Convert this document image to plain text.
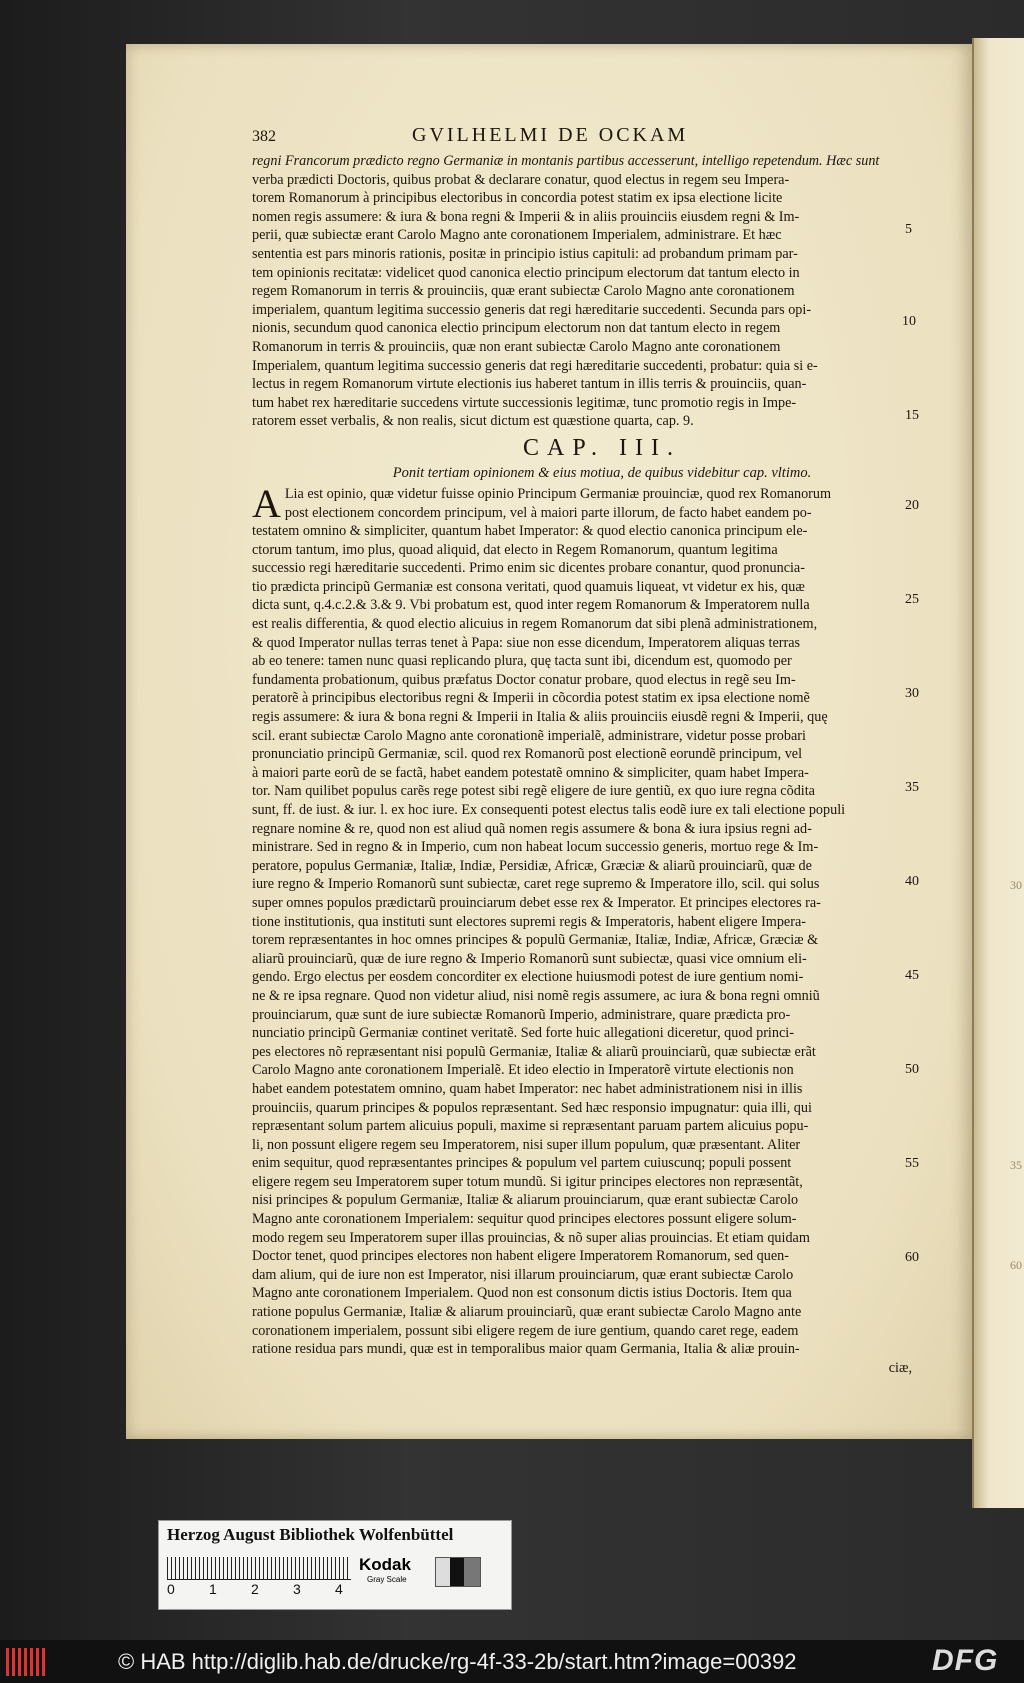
30
35
60
382	GVILHELMI DE OCKAM
regni Francorum prædicto regno Germaniæ in montanis partibus accesserunt, intelligo repetendum. Hæc sunt
verba prædicti Doctoris, quibus probat & declarare conatur, quod electus in regem seu Impera-
torem Romanorum à principibus electoribus in concordia potest statim ex ipsa electione licite
nomen regis assumere: & iura & bona regni & Imperii & in aliis prouinciis eiusdem regni & Im-
perii, quæ subiectæ erant Carolo Magno ante coronationem Imperialem, administrare. Et hæc
sententia est pars minoris rationis, positæ in principio istius capituli: ad probandum primam par-
tem opinionis recitatæ: videlicet quod canonica electio principum electorum dat tantum electo in
regem Romanorum in terris & prouinciis, quæ erant subiectæ Carolo Magno ante coronationem
imperialem, quantum legitima successio generis dat regi hæreditarie succedenti. Secunda pars opi-
nionis, secundum quod canonica electio principum electorum non dat tantum electo in regem
Romanorum in terris & prouinciis, quæ non erant subiectæ Carolo Magno ante coronationem
Imperialem, quantum legitima successio generis dat regi hæreditarie succedenti, probatur: quia si e-
lectus in regem Romanorum virtute electionis ius haberet tantum in illis terris & prouinciis, quan-
tum habet rex hæreditarie succedens virtute successionis legitimæ, tunc promotio regis in Impe-
ratorem esset verbalis, & non realis, sicut dictum est quæstione quarta, cap. 9.
CAP. III.
Ponit tertiam opinionem & eius motiua, de quibus videbitur cap. vltimo.
A Lia est opinio, quæ videtur fuisse opinio Principum Germaniæ prouinciæ, quod rex Romanorum
post electionem concordem principum, vel à maiori parte illorum, de facto habet eandem po-
testatem omnino & simpliciter, quantum habet Imperator: & quod electio canonica principum ele-
ctorum tantum, imo plus, quoad aliquid, dat electo in Regem Romanorum, quantum legitima
successio regi hæreditarie succedenti. Primo enim sic dicentes probare conantur, quod pronuncia-
tio prædicta principũ Germaniæ est consona veritati, quod quamuis liqueat, vt videtur ex his, quæ
dicta sunt, q.4.c.2.& 3.& 9. Vbi probatum est, quod inter regem Romanorum & Imperatorem nulla
est realis differentia, & quod electio alicuius in regem Romanorum dat sibi plenã administrationem,
& quod Imperator nullas terras tenet à Papa: siue non esse dicendum, Imperatorem aliquas terras
ab eo tenere: tamen nunc quasi replicando plura, quę tacta sunt ibi, dicendum est, quomodo per
fundamenta probationum, quibus præfatus Doctor conatur probare, quod electus in regẽ seu Im-
peratorẽ à principibus electoribus regni & Imperii in cõcordia potest statim ex ipsa electione nomẽ
regis assumere: & iura & bona regni & Imperii in Italia & aliis prouinciis eiusdẽ regni & Imperii, quę
scil. erant subiectæ Carolo Magno ante coronationẽ imperialẽ, administrare, videtur posse probari
pronunciatio principũ Germaniæ, scil. quod rex Romanorũ post electionẽ eorundẽ principum, vel
à maiori parte eorũ de se factã, habet eandem potestatẽ omnino & simpliciter, quam habet Impera-
tor. Nam quilibet populus carẽs rege potest sibi regẽ eligere de iure gentiũ, ex quo iure regna cõdita
sunt, ff. de iust. & iur. l. ex hoc iure. Ex consequenti potest electus talis eodẽ iure ex tali electione populi
regnare nomine & re, quod non est aliud quã nomen regis assumere & bona & iura ipsius regni ad-
ministrare. Sed in regno & in Imperio, cum non habeat locum successio generis, mortuo rege & Im-
peratore, populus Germaniæ, Italiæ, Indiæ, Persidiæ, Africæ, Græciæ & aliarũ prouinciarũ, quæ de
iure regno & Imperio Romanorũ sunt subiectæ, caret rege supremo & Imperatore illo, scil. qui solus
super omnes populos prædictarũ prouinciarum debet esse rex & Imperator. Et principes electores ra-
tione institutionis, qua instituti sunt electores supremi regis & Imperatoris, habent eligere Impera-
torem repræsentantes in hoc omnes principes & populũ Germaniæ, Italiæ, Indiæ, Africæ, Græciæ &
aliarũ prouinciarũ, quæ de iure regno & Imperio Romanorũ sunt subiectæ, quasi vice omnium eli-
gendo. Ergo electus per eosdem concorditer ex electione huiusmodi potest de iure gentium nomi-
ne & re ipsa regnare. Quod non videtur aliud, nisi nomẽ regis assumere, ac iura & bona regni omniũ
prouinciarum, quæ sunt de iure subiectæ Romanorũ Imperio, administrare, quare prædicta pro-
nunciatio principũ Germaniæ continet veritatẽ. Sed forte huic allegationi diceretur, quod princi-
pes electores nõ repræsentant nisi populũ Germaniæ, Italiæ & aliarũ prouinciarũ, quæ subiectæ erãt
Carolo Magno ante coronationem Imperialẽ. Et ideo electio in Imperatorẽ virtute electionis non
habet eandem potestatem omnino, quam habet Imperator: nec habet administrationem nisi in illis
prouinciis, quarum principes & populos repræsentant. Sed hæc responsio impugnatur: quia illi, qui
repræsentant solum partem alicuius populi, maxime si repræsentant paruam partem alicuius popu-
li, non possunt eligere regem seu Imperatorem, nisi super illum populum, quæ præsentant. Aliter
enim sequitur, quod repræsentantes principes & populum vel partem cuiuscunq; populi possent
eligere regem seu Imperatorem super totum mundũ. Si igitur principes electores non repræsentãt,
nisi principes & populum Germaniæ, Italiæ & aliarum prouinciarum, quæ erant subiectæ Carolo
Magno ante coronationem Imperialem: sequitur quod principes electores possunt eligere solum-
modo regem seu Imperatorem super illas prouincias, & nõ super alias prouincias. Et etiam quidam
Doctor tenet, quod principes electores non habent eligere Imperatorem Romanorum, sed quen-
dam alium, qui de iure non est Imperator, nisi illarum prouinciarum, quæ erant subiectæ Carolo
Magno ante coronationem Imperialem. Quod non est consonum dictis istius Doctoris. Item qua
ratione populus Germaniæ, Italiæ & aliarum prouinciarũ, quæ erant subiectæ Carolo Magno ante
coronationem imperialem, possunt sibi eligere regem de iure gentium, quando caret rege, eadem
ratione residua pars mundi, quæ est in temporalibus maior quam Germania, Italia & aliæ prouin-
ciæ,
5
10
15
20
25
30
35
40
45
50
55
60
Herzog August Bibliothek Wolfenbüttel
0 1 2 3 4
Kodak
Gray Scale
© HAB http://diglib.hab.de/drucke/rg-4f-33-2b/start.htm?image=00392	DFG
